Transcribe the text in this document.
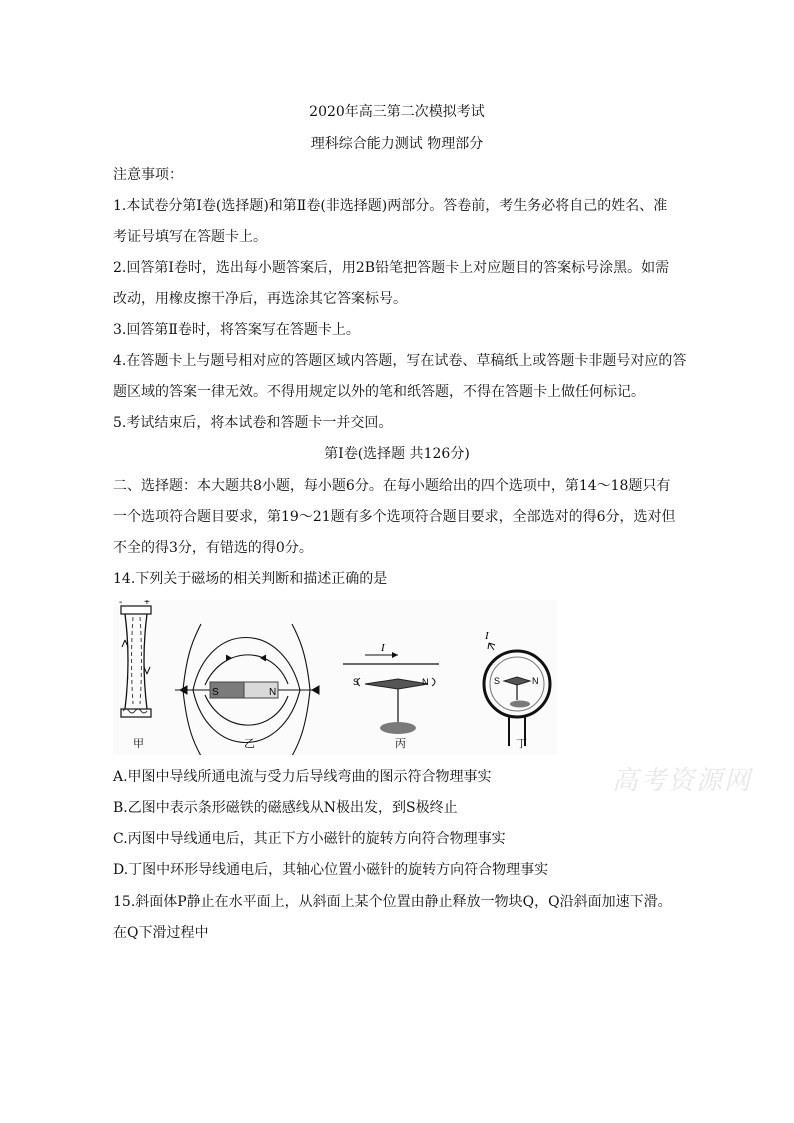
2020年高三第二次模拟考试
理科综合能力测试 物理部分
注意事项：
1.本试卷分第Ⅰ卷(选择题)和第Ⅱ卷(非选择题)两部分。答卷前，考生务必将自己的姓名、准
考证号填写在答题卡上。
2.回答第Ⅰ卷时，选出每小题答案后，用2B铅笔把答题卡上对应题目的答案标号涂黑。如需
改动，用橡皮擦干净后，再选涂其它答案标号。
3.回答第Ⅱ卷时，将答案写在答题卡上。
4.在答题卡上与题号相对应的答题区域内答题，写在试卷、草稿纸上或答题卡非题号对应的答
题区域的答案一律无效。不得用规定以外的笔和纸答题，不得在答题卡上做任何标记。
5.考试结束后，将本试卷和答题卡一并交回。
第Ⅰ卷(选择题 共126分)
二、选择题：本大题共8小题，每小题6分。在每小题给出的四个选项中，第14～18题只有
一个选项符合题目要求，第19～21题有多个选项符合题目要求，全部选对的得6分，选对但
不全的得3分，有错选的得0分。
14.下列关于磁场的相关判断和描述正确的是
- +
S	N
I
S	N
I
S	N
甲	乙	丙	丁
A.甲图中导线所通电流与受力后导线弯曲的图示符合物理事实
B.乙图中表示条形磁铁的磁感线从N极出发，到S极终止
C.丙图中导线通电后，其正下方小磁针的旋转方向符合物理事实
D.丁图中环形导线通电后，其轴心位置小磁针的旋转方向符合物理事实
15.斜面体P静止在水平面上，从斜面上某个位置由静止释放一物块Q，Q沿斜面加速下滑。
在Q下滑过程中
高考资源网
